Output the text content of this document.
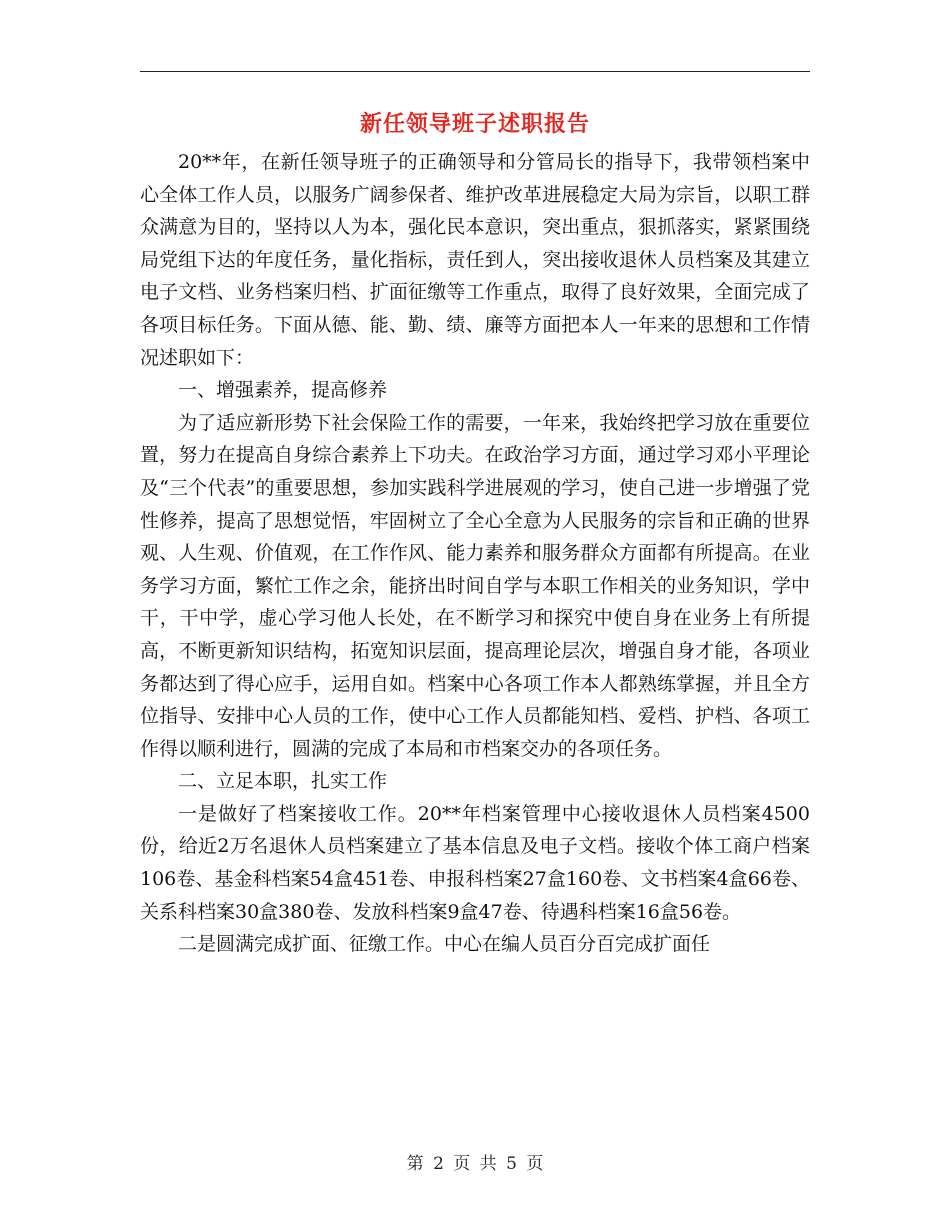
新任领导班子述职报告

20**年，在新任领导班子的正确领导和分管局长的指导下，我带领档案中心全体工作人员，以服务广阔参保者、维护改革进展稳定大局为宗旨，以职工群众满意为目的，坚持以人为本，强化民本意识，突出重点，狠抓落实，紧紧围绕局党组下达的年度任务，量化指标，责任到人，突出接收退休人员档案及其建立电子文档、业务档案归档、扩面征缴等工作重点，取得了良好效果，全面完成了各项目标任务。下面从德、能、勤、绩、廉等方面把本人一年来的思想和工作情况述职如下：

一、增强素养，提高修养

为了适应新形势下社会保险工作的需要，一年来，我始终把学习放在重要位置，努力在提高自身综合素养上下功夫。在政治学习方面，通过学习邓小平理论及“三个代表”的重要思想，参加实践科学进展观的学习，使自己进一步增强了党性修养，提高了思想觉悟，牢固树立了全心全意为人民服务的宗旨和正确的世界观、人生观、价值观，在工作作风、能力素养和服务群众方面都有所提高。在业务学习方面，繁忙工作之余，能挤出时间自学与本职工作相关的业务知识，学中干，干中学，虚心学习他人长处，在不断学习和探究中使自身在业务上有所提高，不断更新知识结构，拓宽知识层面，提高理论层次，增强自身才能，各项业务都达到了得心应手，运用自如。档案中心各项工作本人都熟练掌握，并且全方位指导、安排中心人员的工作，使中心工作人员都能知档、爱档、护档、各项工作得以顺利进行，圆满的完成了本局和市档案交办的各项任务。

二、立足本职，扎实工作

一是做好了档案接收工作。20**年档案管理中心接收退休人员档案4500份，给近2万名退休人员档案建立了基本信息及电子文档。接收个体工商户档案106卷、基金科档案54盒451卷、申报科档案27盒160卷、文书档案4盒66卷、关系科档案30盒380卷、发放科档案9盒47卷、待遇科档案16盒56卷。

二是圆满完成扩面、征缴工作。中心在编人员百分百完成扩面任

第 2 页 共 5 页
